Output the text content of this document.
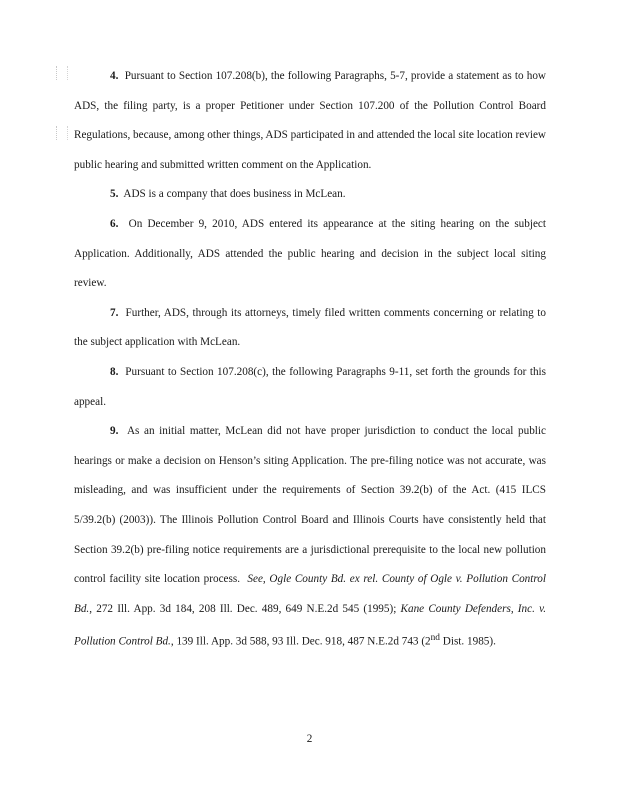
4. Pursuant to Section 107.208(b), the following Paragraphs, 5-7, provide a statement as to how ADS, the filing party, is a proper Petitioner under Section 107.200 of the Pollution Control Board Regulations, because, among other things, ADS participated in and attended the local site location review public hearing and submitted written comment on the Application.

5. ADS is a company that does business in McLean.

6. On December 9, 2010, ADS entered its appearance at the siting hearing on the subject Application. Additionally, ADS attended the public hearing and decision in the subject local siting review.

7. Further, ADS, through its attorneys, timely filed written comments concerning or relating to the subject application with McLean.

8. Pursuant to Section 107.208(c), the following Paragraphs 9-11, set forth the grounds for this appeal.

9. As an initial matter, McLean did not have proper jurisdiction to conduct the local public hearings or make a decision on Henson’s siting Application. The pre-filing notice was not accurate, was misleading, and was insufficient under the requirements of Section 39.2(b) of the Act. (415 ILCS 5/39.2(b) (2003)). The Illinois Pollution Control Board and Illinois Courts have consistently held that Section 39.2(b) pre-filing notice requirements are a jurisdictional prerequisite to the local new pollution control facility site location process. See, Ogle County Bd. ex rel. County of Ogle v. Pollution Control Bd., 272 Ill. App. 3d 184, 208 Ill. Dec. 489, 649 N.E.2d 545 (1995); Kane County Defenders, Inc. v. Pollution Control Bd., 139 Ill. App. 3d 588, 93 Ill. Dec. 918, 487 N.E.2d 743 (2nd Dist. 1985).

2
